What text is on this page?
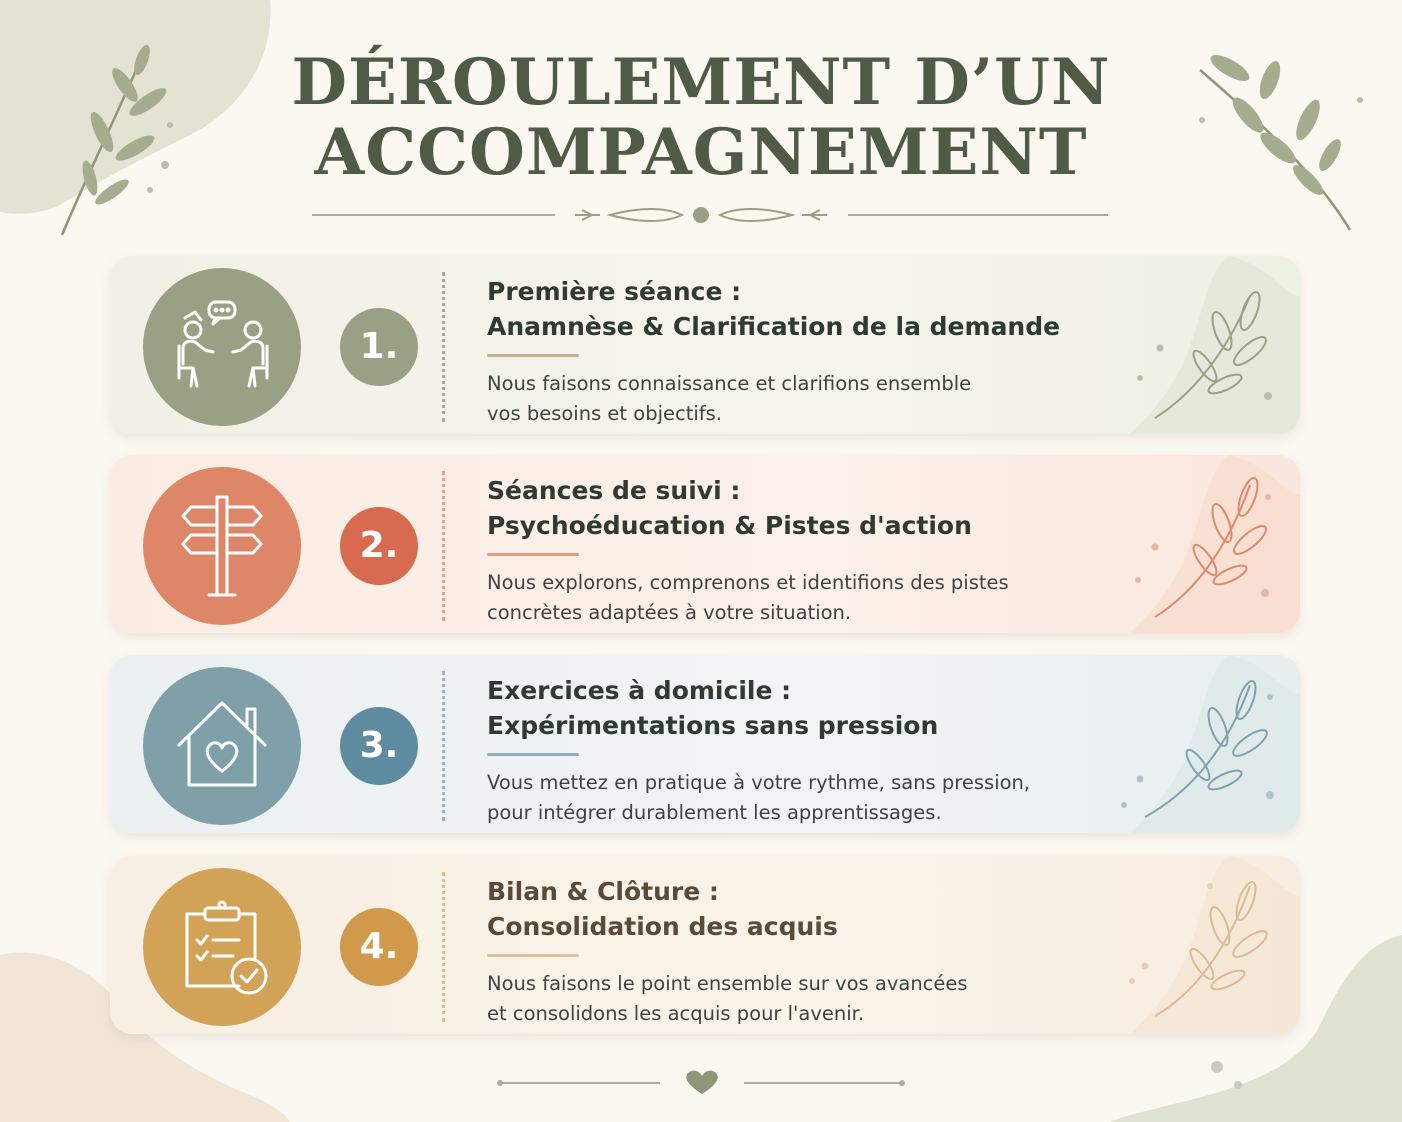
DÉROULEMENT D’UN
ACCOMPAGNEMENT
1.
Première séance :
Anamnèse & Clarification de la demande
Nous faisons connaissance et clarifions ensemble
vos besoins et objectifs.
2.
Séances de suivi :
Psychoéducation & Pistes d'action
Nous explorons, comprenons et identifions des pistes
concrètes adaptées à votre situation.
3.
Exercices à domicile :
Expérimentations sans pression
Vous mettez en pratique à votre rythme, sans pression,
pour intégrer durablement les apprentissages.
4.
Bilan & Clôture :
Consolidation des acquis
Nous faisons le point ensemble sur vos avancées
et consolidons les acquis pour l'avenir.
